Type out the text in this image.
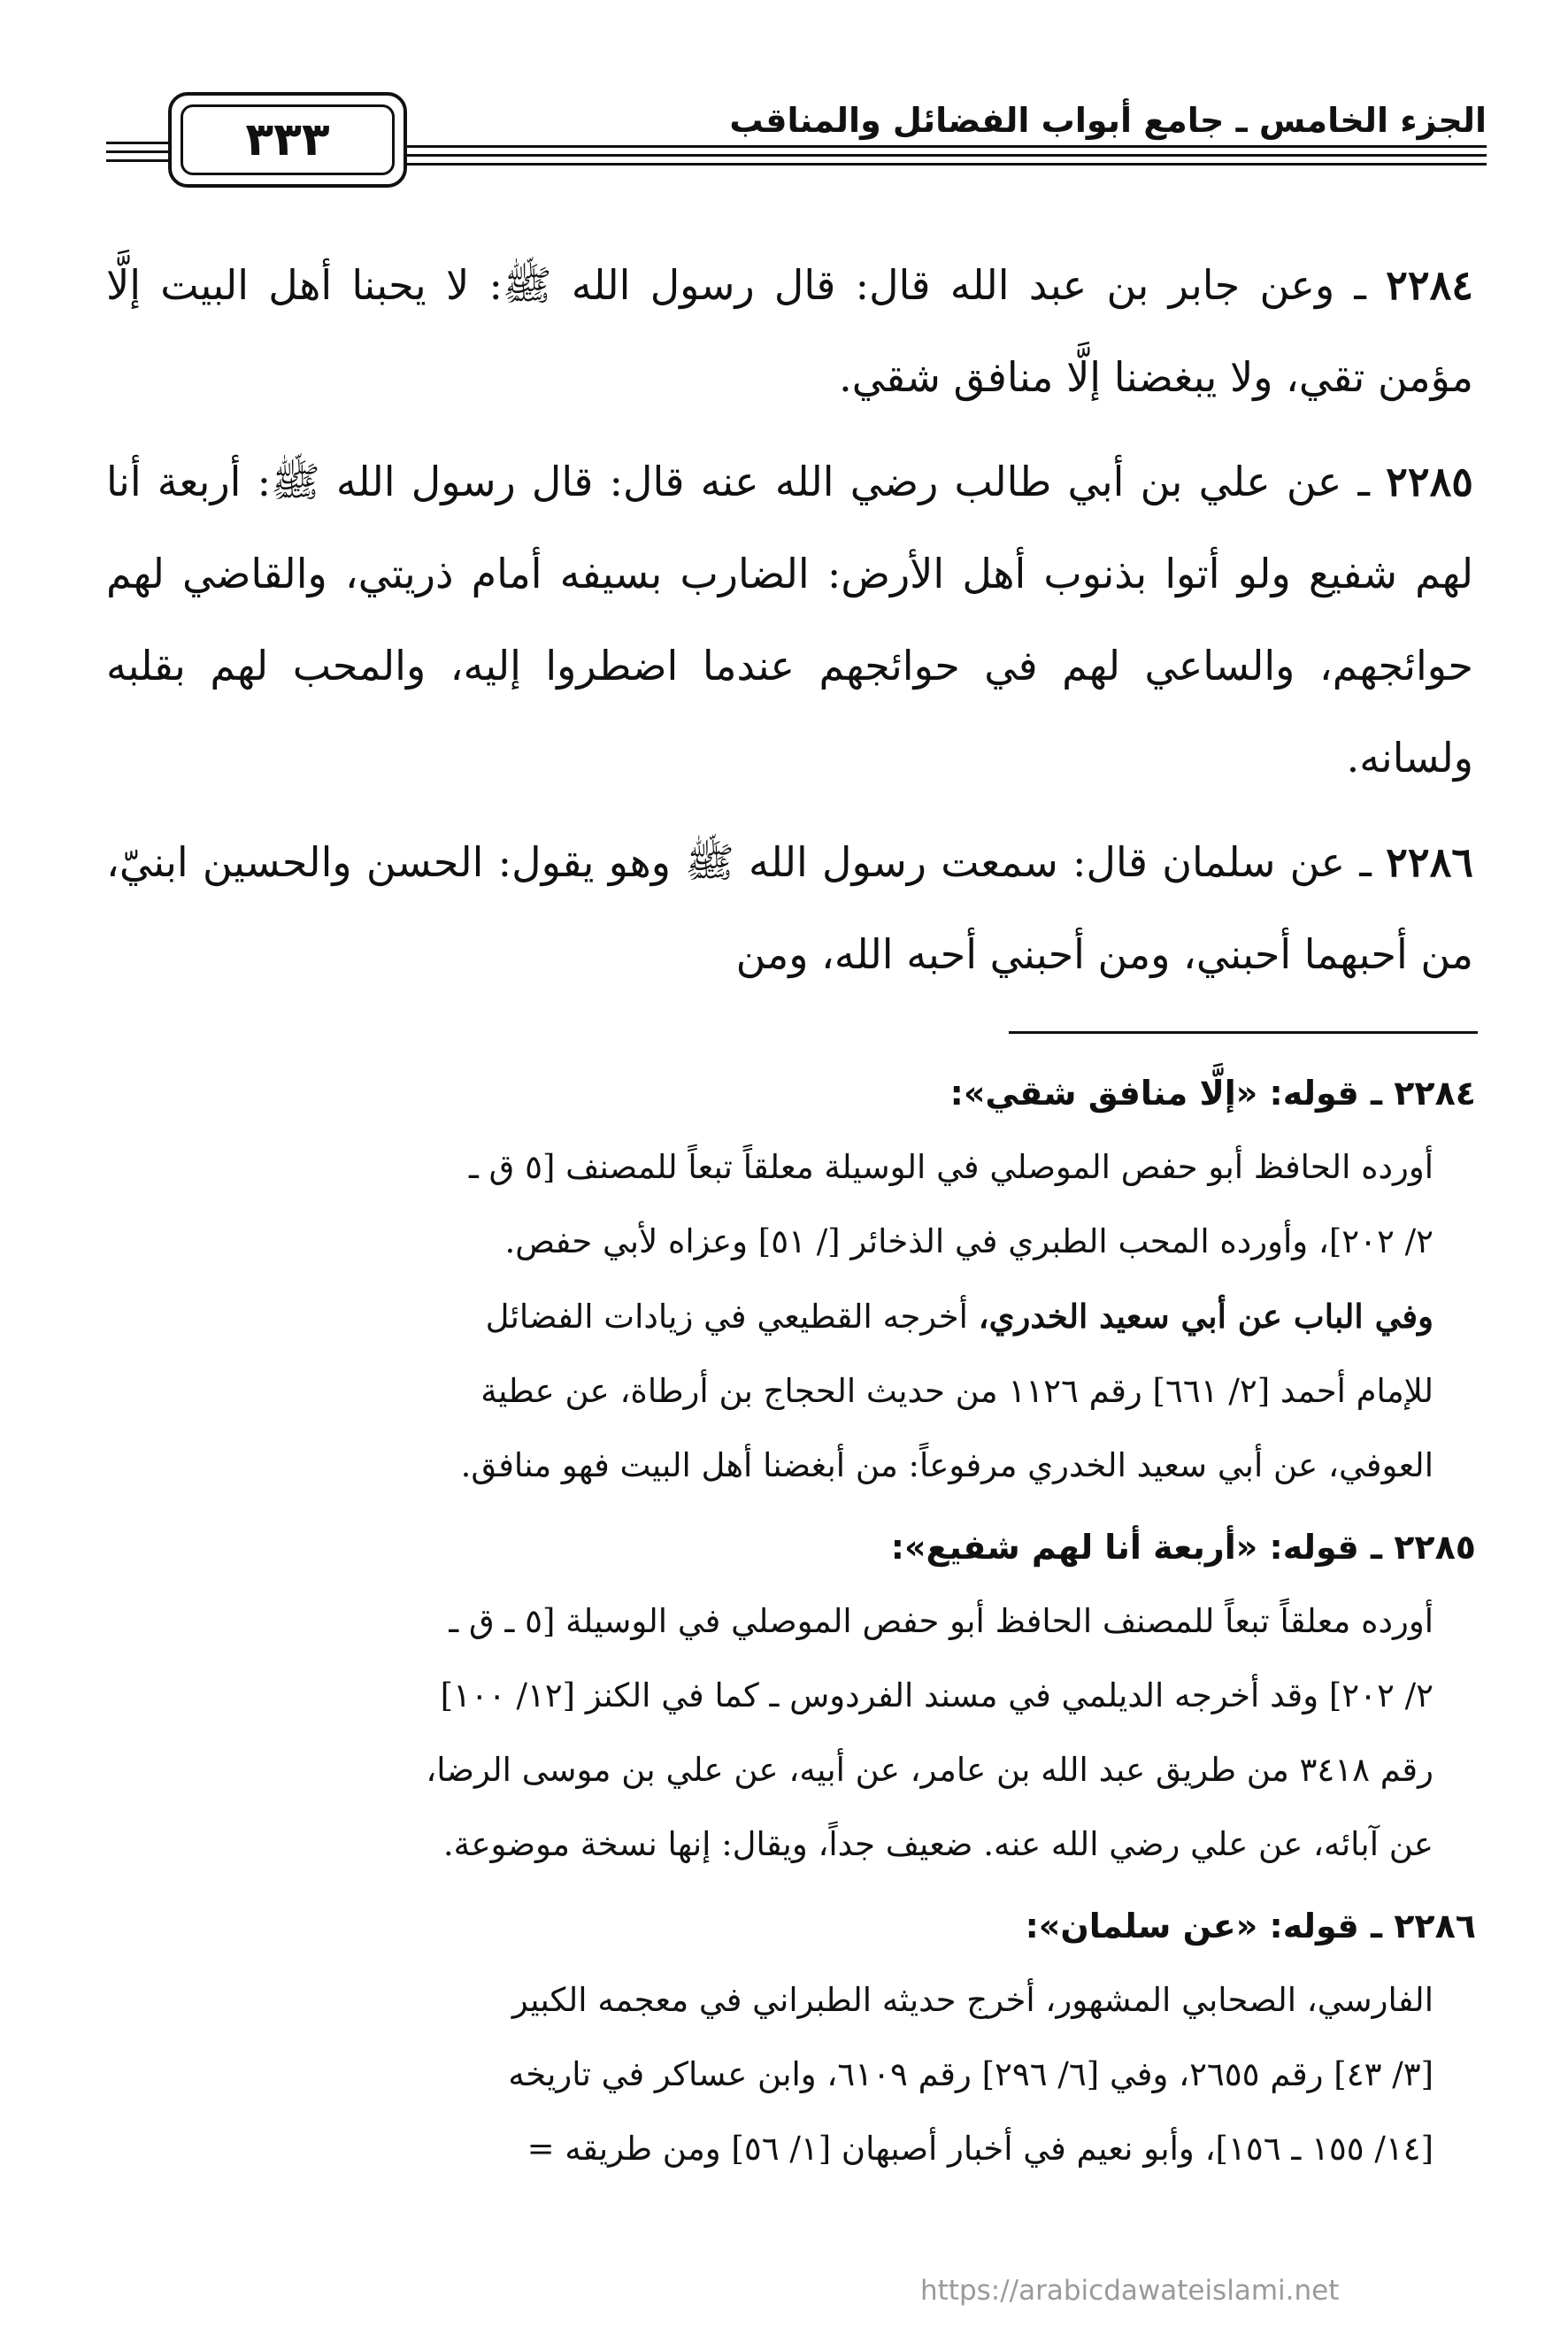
الجزء الخامس ـ جامع أبواب الفضائل والمناقب
٣٣٣

٢٢٨٤ ـ وعن جابر بن عبد الله قال: قال رسول الله ﷺ: لا يحبنا أهل البيت إلَّا مؤمن تقي، ولا يبغضنا إلَّا منافق شقي.

٢٢٨٥ ـ عن علي بن أبي طالب رضي الله عنه قال: قال رسول الله ﷺ: أربعة أنا لهم شفيع ولو أتوا بذنوب أهل الأرض: الضارب بسيفه أمام ذريتي، والقاضي لهم حوائجهم، والساعي لهم في حوائجهم عندما اضطروا إليه، والمحب لهم بقلبه ولسانه.

٢٢٨٦ ـ عن سلمان قال: سمعت رسول الله ﷺ وهو يقول: الحسن والحسين ابنيّ، من أحبهما أحبني، ومن أحبني أحبه الله، ومن

٢٢٨٤ ـ قوله: «إلَّا منافق شقي»:

أورده الحافظ أبو حفص الموصلي في الوسيلة معلقاً تبعاً للمصنف [٥ ق ـ

٢/ ٢٠٢]، وأورده المحب الطبري في الذخائر [/ ٥١] وعزاه لأبي حفص.

وفي الباب عن أبي سعيد الخدري، أخرجه القطيعي في زيادات الفضائل

للإمام أحمد [٢/ ٦٦١] رقم ١١٢٦ من حديث الحجاج بن أرطاة، عن عطية

العوفي، عن أبي سعيد الخدري مرفوعاً: من أبغضنا أهل البيت فهو منافق.

٢٢٨٥ ـ قوله: «أربعة أنا لهم شفيع»:

أورده معلقاً تبعاً للمصنف الحافظ أبو حفص الموصلي في الوسيلة [٥ ـ ق ـ

٢/ ٢٠٢] وقد أخرجه الديلمي في مسند الفردوس ـ كما في الكنز [١٢/ ١٠٠]

رقم ٣٤١٨ من طريق عبد الله بن عامر، عن أبيه، عن علي بن موسى الرضا،

عن آبائه، عن علي رضي الله عنه. ضعيف جداً، ويقال: إنها نسخة موضوعة.

٢٢٨٦ ـ قوله: «عن سلمان»:

الفارسي، الصحابي المشهور، أخرج حديثه الطبراني في معجمه الكبير

[٣/ ٤٣] رقم ٢٦٥٥، وفي [٦/ ٢٩٦] رقم ٦١٠٩، وابن عساكر في تاريخه

[١٤/ ١٥٥ ـ ١٥٦]، وأبو نعيم في أخبار أصبهان [١/ ٥٦] ومن طريقه =

https://arabicdawateislami.net
